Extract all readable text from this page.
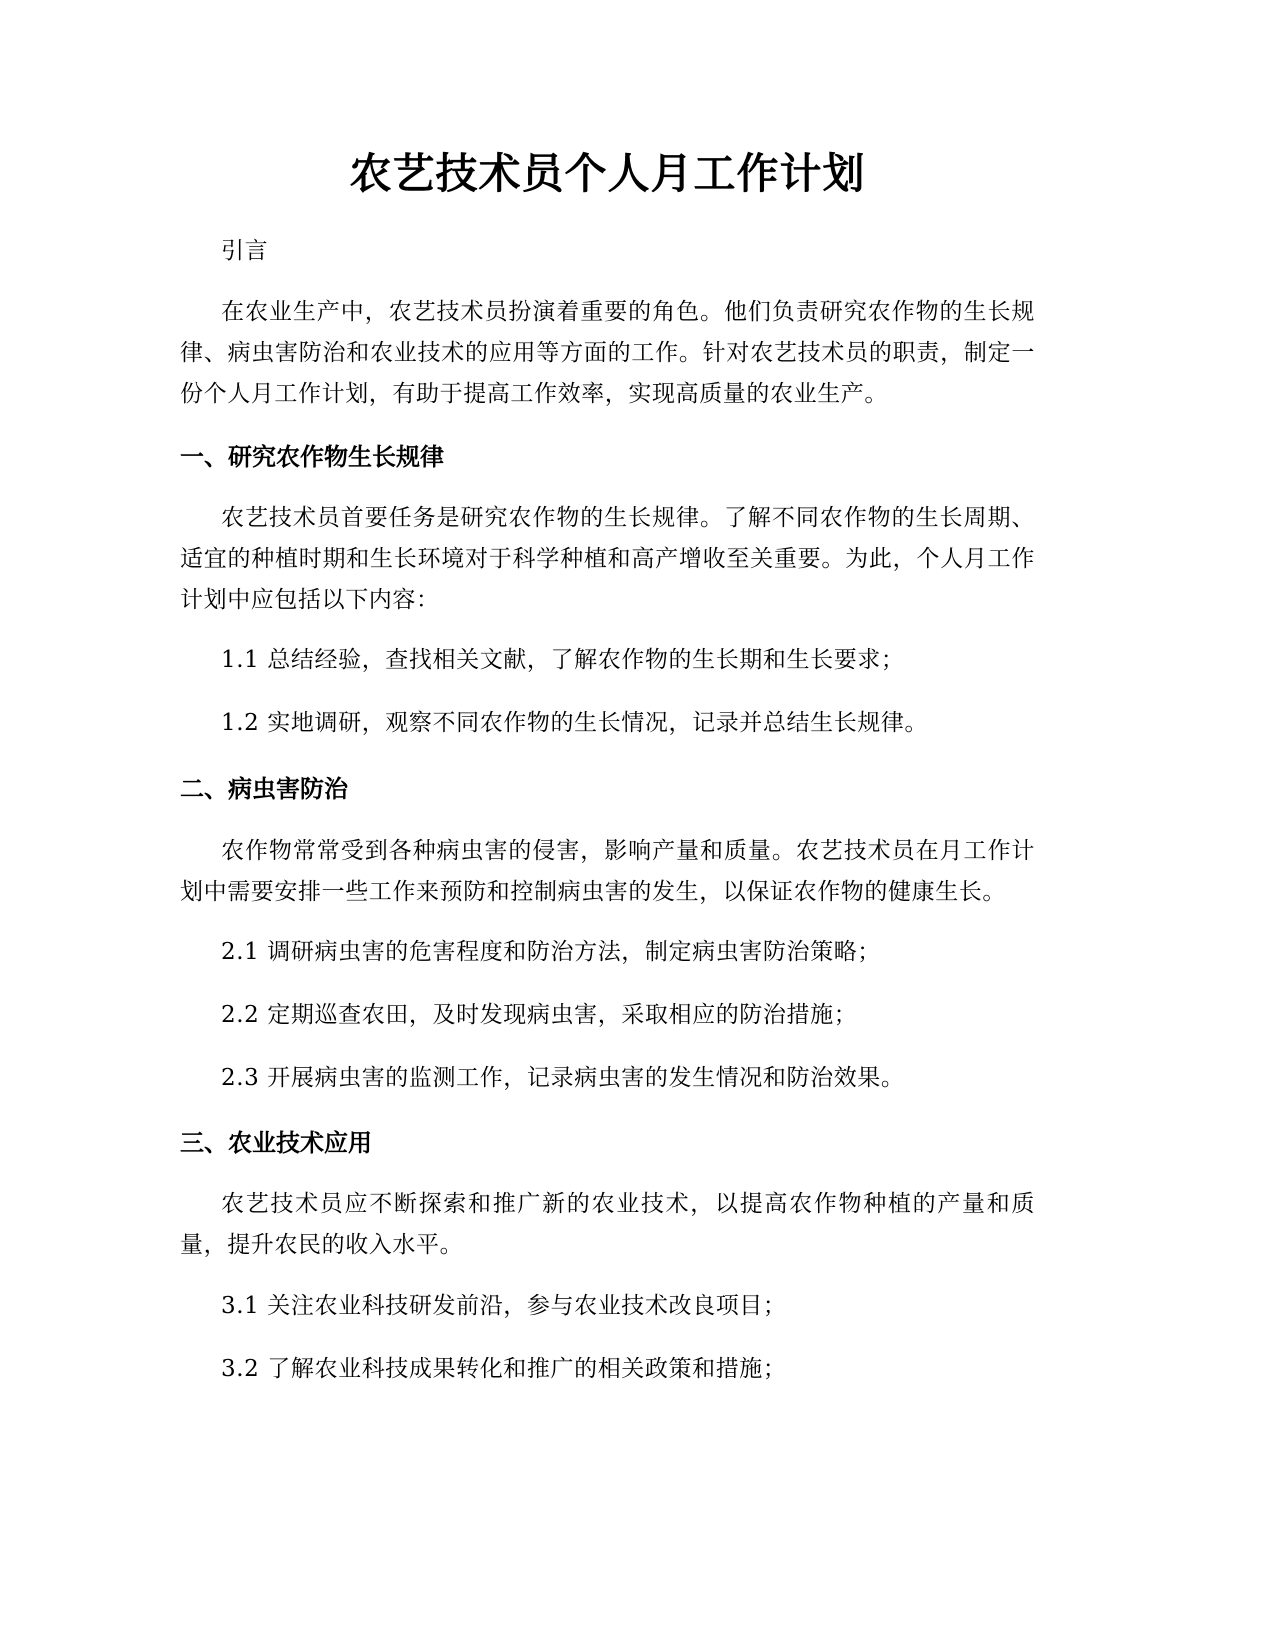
农艺技术员个人月工作计划

引言

在农业生产中，农艺技术员扮演着重要的角色。他们负责研究农作物的生长规律、病虫害防治和农业技术的应用等方面的工作。针对农艺技术员的职责，制定一份个人月工作计划，有助于提高工作效率，实现高质量的农业生产。

一、研究农作物生长规律

农艺技术员首要任务是研究农作物的生长规律。了解不同农作物的生长周期、适宜的种植时期和生长环境对于科学种植和高产增收至关重要。为此，个人月工作计划中应包括以下内容：

1.1 总结经验，查找相关文献，了解农作物的生长期和生长要求；

1.2 实地调研，观察不同农作物的生长情况，记录并总结生长规律。

二、病虫害防治

农作物常常受到各种病虫害的侵害，影响产量和质量。农艺技术员在月工作计划中需要安排一些工作来预防和控制病虫害的发生，以保证农作物的健康生长。

2.1 调研病虫害的危害程度和防治方法，制定病虫害防治策略；

2.2 定期巡查农田，及时发现病虫害，采取相应的防治措施；

2.3 开展病虫害的监测工作，记录病虫害的发生情况和防治效果。

三、农业技术应用

农艺技术员应不断探索和推广新的农业技术，以提高农作物种植的产量和质量，提升农民的收入水平。

3.1 关注农业科技研发前沿，参与农业技术改良项目；

3.2 了解农业科技成果转化和推广的相关政策和措施；
